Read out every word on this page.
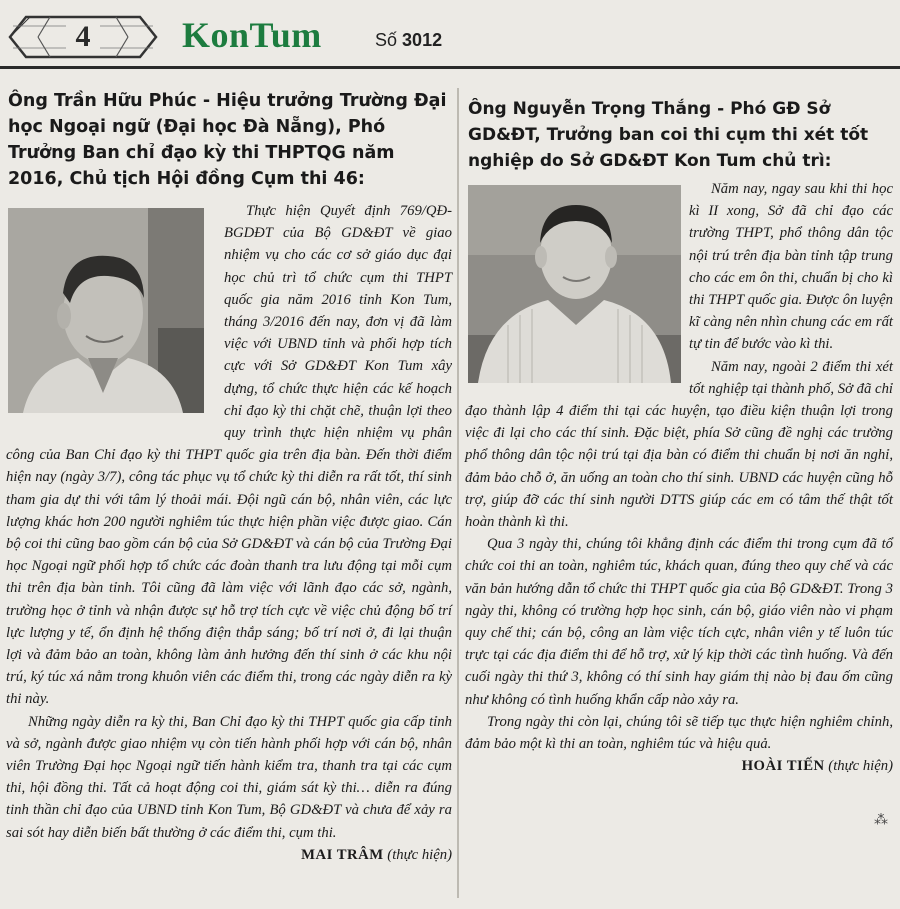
4	KonTum	Số 3012
Ông Trần Hữu Phúc - Hiệu trưởng Trường Đại học Ngoại ngữ (Đại học Đà Nẵng), Phó Trưởng Ban chỉ đạo kỳ thi THPTQG năm 2016, Chủ tịch Hội đồng Cụm thi 46:

Thực hiện Quyết định 769/QĐ-BGDĐT của Bộ GD&ĐT về giao nhiệm vụ cho các cơ sở giáo dục đại học chủ trì tổ chức cụm thi THPT quốc gia năm 2016 tỉnh Kon Tum, tháng 3/2016 đến nay, đơn vị đã làm việc với UBND tỉnh và phối hợp tích cực với Sở GD&ĐT Kon Tum xây dựng, tổ chức thực hiện các kế hoạch chỉ đạo kỳ thi chặt chẽ, thuận lợi theo quy trình thực hiện nhiệm vụ phân công của Ban Chỉ đạo kỳ thi THPT quốc gia trên địa bàn. Đến thời điểm hiện nay (ngày 3/7), công tác phục vụ tổ chức kỳ thi diễn ra rất tốt, thí sinh tham gia dự thi với tâm lý thoải mái. Đội ngũ cán bộ, nhân viên, các lực lượng khác hơn 200 người nghiêm túc thực hiện phần việc được giao. Cán bộ coi thi cũng bao gồm cán bộ của Sở GD&ĐT và cán bộ của Trường Đại học Ngoại ngữ phối hợp tổ chức các đoàn thanh tra lưu động tại mỗi cụm thi trên địa bàn tỉnh. Tôi cũng đã làm việc với lãnh đạo các sở, ngành, trường học ở tỉnh và nhận được sự hỗ trợ tích cực về việc chủ động bố trí lực lượng y tế, ổn định hệ thống điện thắp sáng; bố trí nơi ở, đi lại thuận lợi và đảm bảo an toàn, không làm ảnh hưởng đến thí sinh ở các khu nội trú, ký túc xá nằm trong khuôn viên các điểm thi, trong các ngày diễn ra kỳ thi này.

Những ngày diễn ra kỳ thi, Ban Chỉ đạo kỳ thi THPT quốc gia cấp tỉnh và sở, ngành được giao nhiệm vụ còn tiến hành phối hợp với cán bộ, nhân viên Trường Đại học Ngoại ngữ tiến hành kiểm tra, thanh tra tại các cụm thi, hội đồng thi. Tất cả hoạt động coi thi, giám sát kỳ thi… diễn ra đúng tinh thần chỉ đạo của UBND tỉnh Kon Tum, Bộ GD&ĐT và chưa để xảy ra sai sót hay diễn biến bất thường ở các điểm thi, cụm thi.

MAI TRÂM (thực hiện)

Ông Nguyễn Trọng Thắng - Phó GĐ Sở GD&ĐT, Trưởng ban coi thi cụm thi xét tốt nghiệp do Sở GD&ĐT Kon Tum chủ trì:

Năm nay, ngay sau khi thi học kì II xong, Sở đã chỉ đạo các trường THPT, phổ thông dân tộc nội trú trên địa bàn tỉnh tập trung cho các em ôn thi, chuẩn bị cho kì thi THPT quốc gia. Được ôn luyện kĩ càng nên nhìn chung các em rất tự tin để bước vào kì thi.

Năm nay, ngoài 2 điểm thi xét tốt nghiệp tại thành phố, Sở đã chỉ đạo thành lập 4 điểm thi tại các huyện, tạo điều kiện thuận lợi trong việc đi lại cho các thí sinh. Đặc biệt, phía Sở cũng đề nghị các trường phổ thông dân tộc nội trú tại địa bàn có điểm thi chuẩn bị nơi ăn nghỉ, đảm bảo chỗ ở, ăn uống an toàn cho thí sinh. UBND các huyện cũng hỗ trợ, giúp đỡ các thí sinh người DTTS giúp các em có tâm thế thật tốt hoàn thành kì thi.

Qua 3 ngày thi, chúng tôi khẳng định các điểm thi trong cụm đã tổ chức coi thi an toàn, nghiêm túc, khách quan, đúng theo quy chế và các văn bản hướng dẫn tổ chức thi THPT quốc gia của Bộ GD&ĐT. Trong 3 ngày thi, không có trường hợp học sinh, cán bộ, giáo viên nào vi phạm quy chế thi; cán bộ, công an làm việc tích cực, nhân viên y tế luôn túc trực tại các địa điểm thi để hỗ trợ, xử lý kịp thời các tình huống. Và đến cuối ngày thi thứ 3, không có thí sinh hay giám thị nào bị đau ốm cũng như không có tình huống khẩn cấp nào xảy ra.

Trong ngày thi còn lại, chúng tôi sẽ tiếp tục thực hiện nghiêm chỉnh, đảm bảo một kì thi an toàn, nghiêm túc và hiệu quả.

HOÀI TIẾN (thực hiện)

⁂
